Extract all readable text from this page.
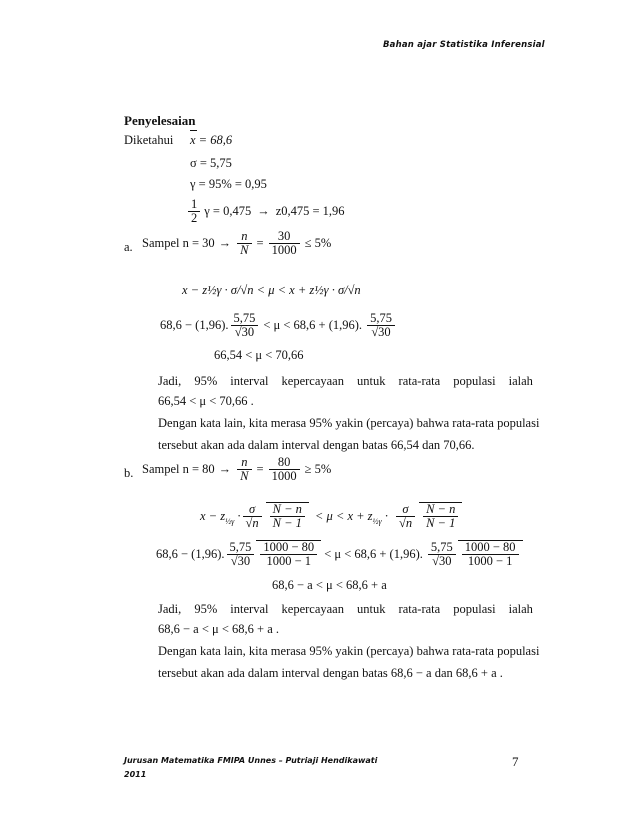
Bahan ajar Statistika Inferensial
Penyelesaian
Diketahui x = 68,6
σ = 5,75
γ = 95% = 0,95
$\frac{1}{2}$ γ = 0,475 → z0,475 = 1,96
a. Sampel $n = 30 \to \frac{n}{N} = \frac{30}{1000} \le 5\%$
x − z½γ · σ/√n < μ < x + z½γ · σ/√n
68,6 − (1,96). $\frac{5,75}{√30} < \mu < 68,6 + (1,96)$. $\frac{5,75}{√30}$
66,54 < μ < 70,66
Jadi, 95% interval kepercayaan untuk rata-rata populasi ialah
66,54 < μ < 70,66 .
Dengan kata lain, kita merasa 95% yakin (percaya) bahwa rata-rata populasi
tersebut akan ada dalam interval dengan batas 66,54 dan 70,66.
b. Sampel $n = 80 \to \frac{n}{N} = \frac{80}{1000} \ge 5\%$
$x - z_{\frac{1}{2}\gamma} \cdot \frac{\sigma}{√n} \frac{N - n}{N - 1} < \mu < x + z_{\frac{1}{2}\gamma} \cdot \frac{\sigma}{√n} \frac{N - n}{N - 1}$
68,6 − (1,96). $\frac{5,75}{√30} \frac{1000 - 80}{1000 - 1} < \mu < 68,6 + (1,96)$. $\frac{5,75}{√30} \frac{1000 - 80}{1000 - 1}$
68,6 − a < μ < 68,6 + a
Jadi, 95% interval kepercayaan untuk rata-rata populasi ialah
68,6 − a < μ < 68,6 + a .
Dengan kata lain, kita merasa 95% yakin (percaya) bahwa rata-rata populasi
tersebut akan ada dalam interval dengan batas 68,6 − a dan 68,6 + a .
Jurusan Matematika FMIPA Unnes – Putriaji Hendikawati
2011
7
